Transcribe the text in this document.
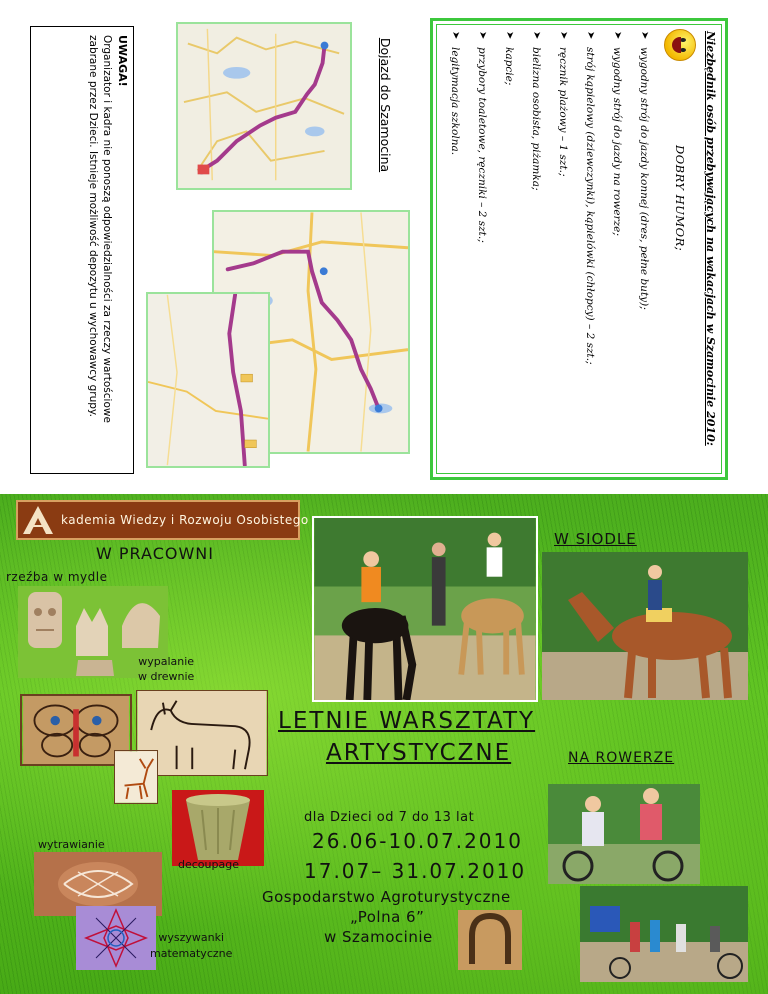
Niezbędnik osób przebywających na wakacjach w Szamocinie 2010:
DOBRY HUMOR;
➤
wygodny strój do jazdy konnej (dres, pełne buty);
➤
wygodny strój do jazdy na rowerze;
➤
strój kąpielowy (dziewczynki), kąpielówki (chłopcy) – 2 szt.;
➤
ręcznik plażowy – 1 szt.;
➤
bielizna osobista, piżamka;
➤
kapcie;
➤
przybory toaletowe, ręczniki – 2 szt.;
➤
legitymacja szkolna.
Dojazd do Szamocina
UWAGA!
Organizator i kadra nie ponoszą odpowiedzialności za rzeczy wartościowe zabrane przez Dzieci. Istnieje możliwość depozytu u wychowawcy grupy.
kademia Wiedzy i Rozwoju Osobistego
W PRACOWNI
rzeźba w mydle
wypalanie
w drewnie
decoupage
wytrawianie
wyszywanki
matematyczne
W SIODLE
LETNIE WARSZTATY
ARTYSTYCZNE	NA ROWERZE
dla Dzieci od 7 do 13 lat
26.06-10.07.2010
17.07– 31.07.2010
Gospodarstwo Agroturystyczne
„Polna 6”
w Szamocinie
